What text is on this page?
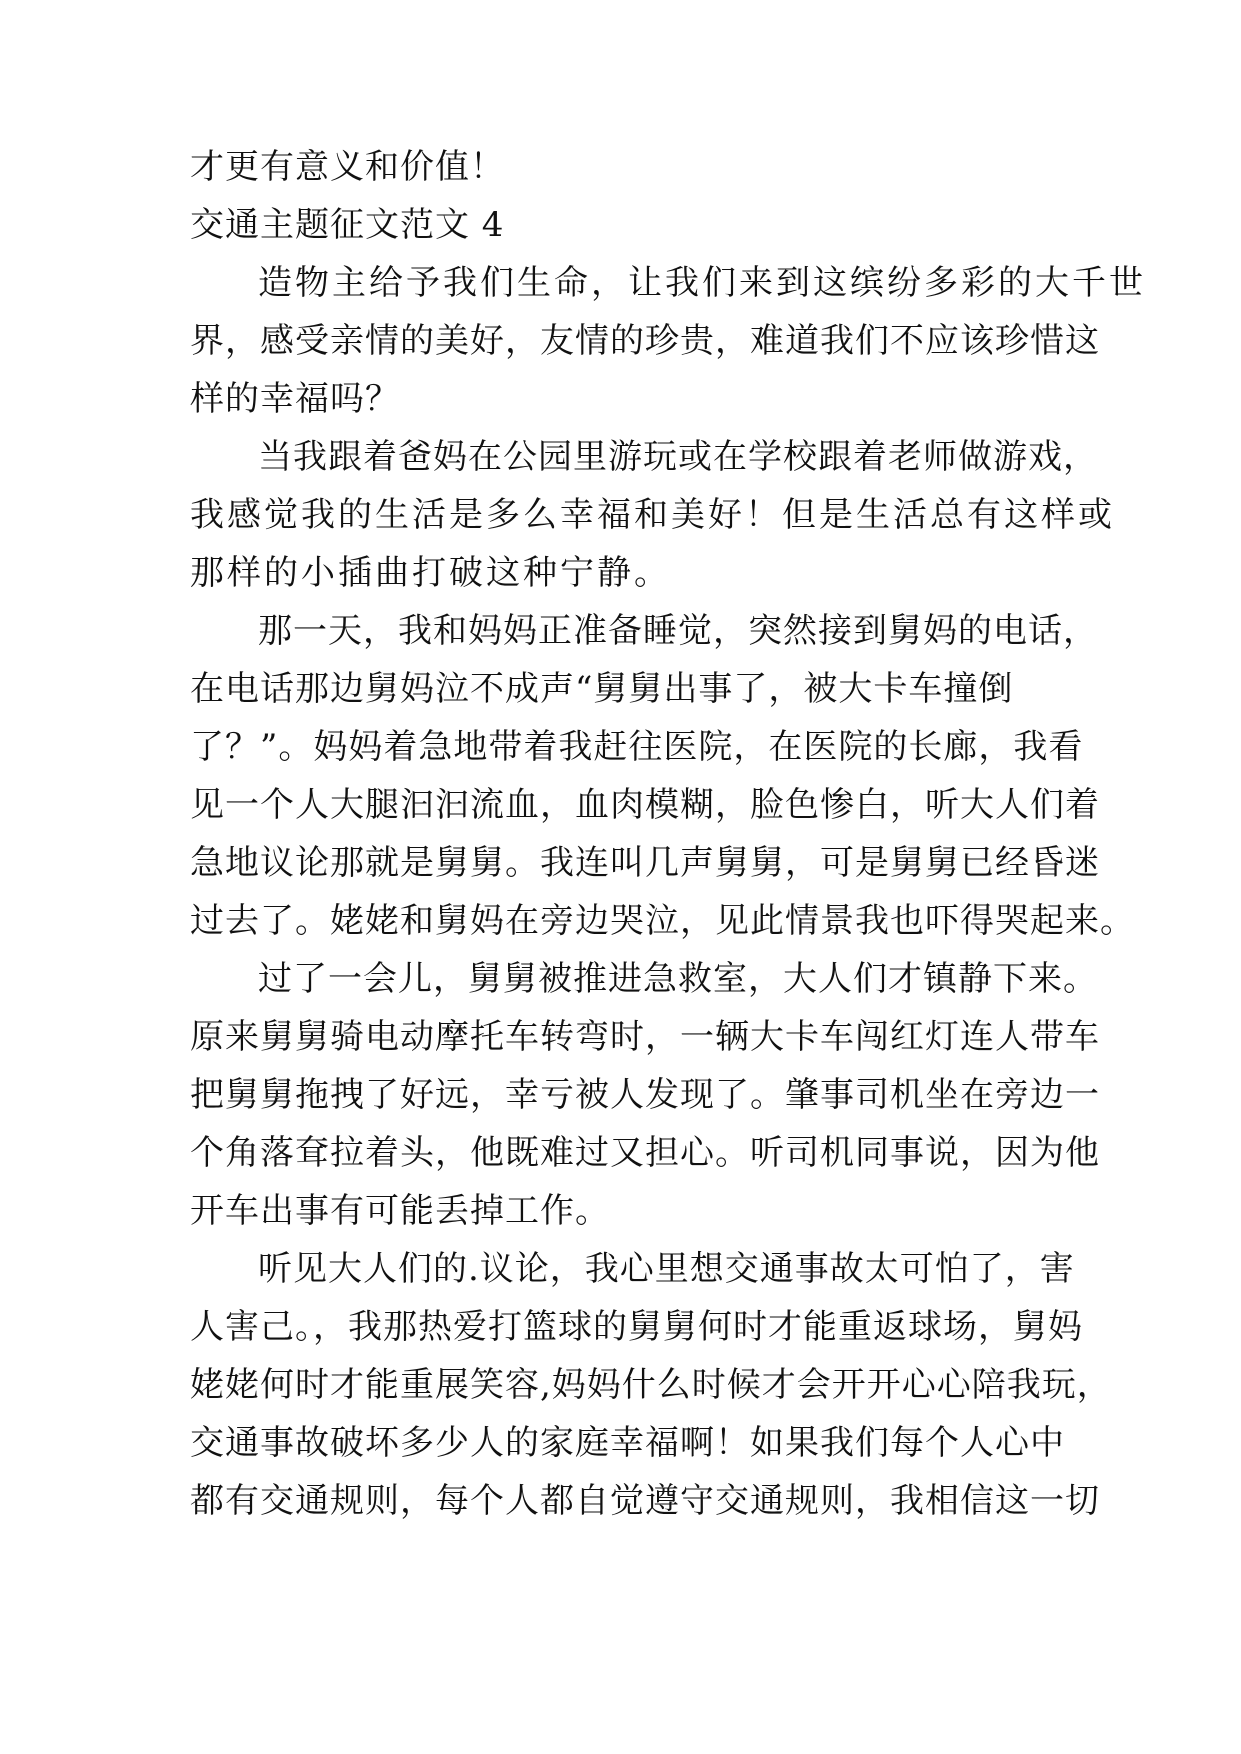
才更有意义和价值！
交通主题征文范文 4
造物主给予我们生命，让我们来到这缤纷多彩的大千世
界，感受亲情的美好，友情的珍贵，难道我们不应该珍惜这
样的幸福吗？
当我跟着爸妈在公园里游玩或在学校跟着老师做游戏，
我感觉我的生活是多么幸福和美好！但是生活总有这样或
那样的小插曲打破这种宁静。
那一天，我和妈妈正准备睡觉，突然接到舅妈的电话，
在电话那边舅妈泣不成声“舅舅出事了，被大卡车撞倒
了？”。妈妈着急地带着我赶往医院，在医院的长廊，我看
见一个人大腿汩汩流血，血肉模糊，脸色惨白，听大人们着
急地议论那就是舅舅。我连叫几声舅舅，可是舅舅已经昏迷
过去了。姥姥和舅妈在旁边哭泣，见此情景我也吓得哭起来。
过了一会儿，舅舅被推进急救室，大人们才镇静下来。
原来舅舅骑电动摩托车转弯时，一辆大卡车闯红灯连人带车
把舅舅拖拽了好远，幸亏被人发现了。肇事司机坐在旁边一
个角落耷拉着头，他既难过又担心。听司机同事说，因为他
开车出事有可能丢掉工作。
听见大人们的.议论，我心里想交通事故太可怕了，害
人害己。，我那热爱打篮球的舅舅何时才能重返球场，舅妈
姥姥何时才能重展笑容,妈妈什么时候才会开开心心陪我玩，
交通事故破坏多少人的家庭幸福啊！如果我们每个人心中
都有交通规则，每个人都自觉遵守交通规则，我相信这一切
